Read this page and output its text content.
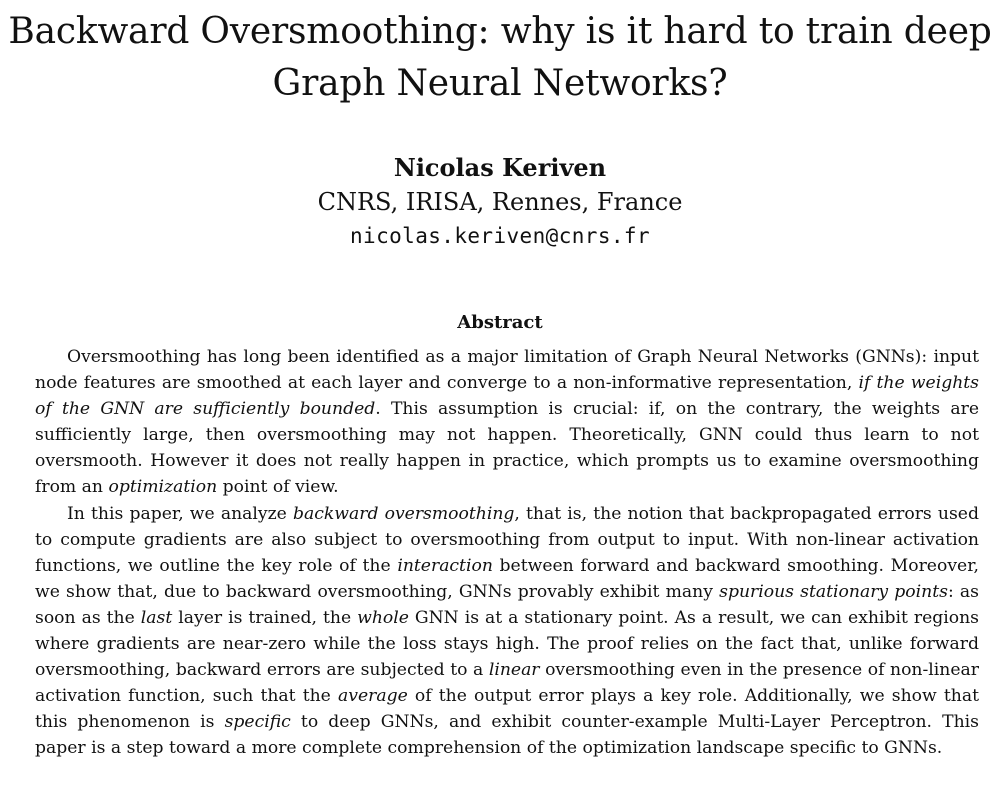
Backward Oversmoothing: why is it hard to train deep
Graph Neural Networks?
Nicolas Keriven
CNRS, IRISA, Rennes, France
nicolas.keriven@cnrs.fr
Abstract

Oversmoothing has long been identified as a major limitation of Graph Neural Networks (GNNs): input node features are smoothed at each layer and converge to a non-informative representation, if the weights of the GNN are sufficiently bounded. This assumption is crucial: if, on the contrary, the weights are sufficiently large, then oversmoothing may not happen. Theoretically, GNN could thus learn to not oversmooth. However it does not really happen in practice, which prompts us to examine oversmoothing from an optimization point of view.

In this paper, we analyze backward oversmoothing, that is, the notion that backpropagated errors used to compute gradients are also subject to oversmoothing from output to input. With non-linear activation functions, we outline the key role of the interaction between forward and backward smoothing. Moreover, we show that, due to backward oversmoothing, GNNs provably exhibit many spurious stationary points: as soon as the last layer is trained, the whole GNN is at a stationary point. As a result, we can exhibit regions where gradients are near-zero while the loss stays high. The proof relies on the fact that, unlike forward oversmoothing, backward errors are subjected to a linear oversmoothing even in the presence of non-linear activation function, such that the average of the output error plays a key role. Additionally, we show that this phenomenon is specific to deep GNNs, and exhibit counter-example Multi-Layer Perceptron. This paper is a step toward a more complete comprehension of the optimization landscape specific to GNNs.
